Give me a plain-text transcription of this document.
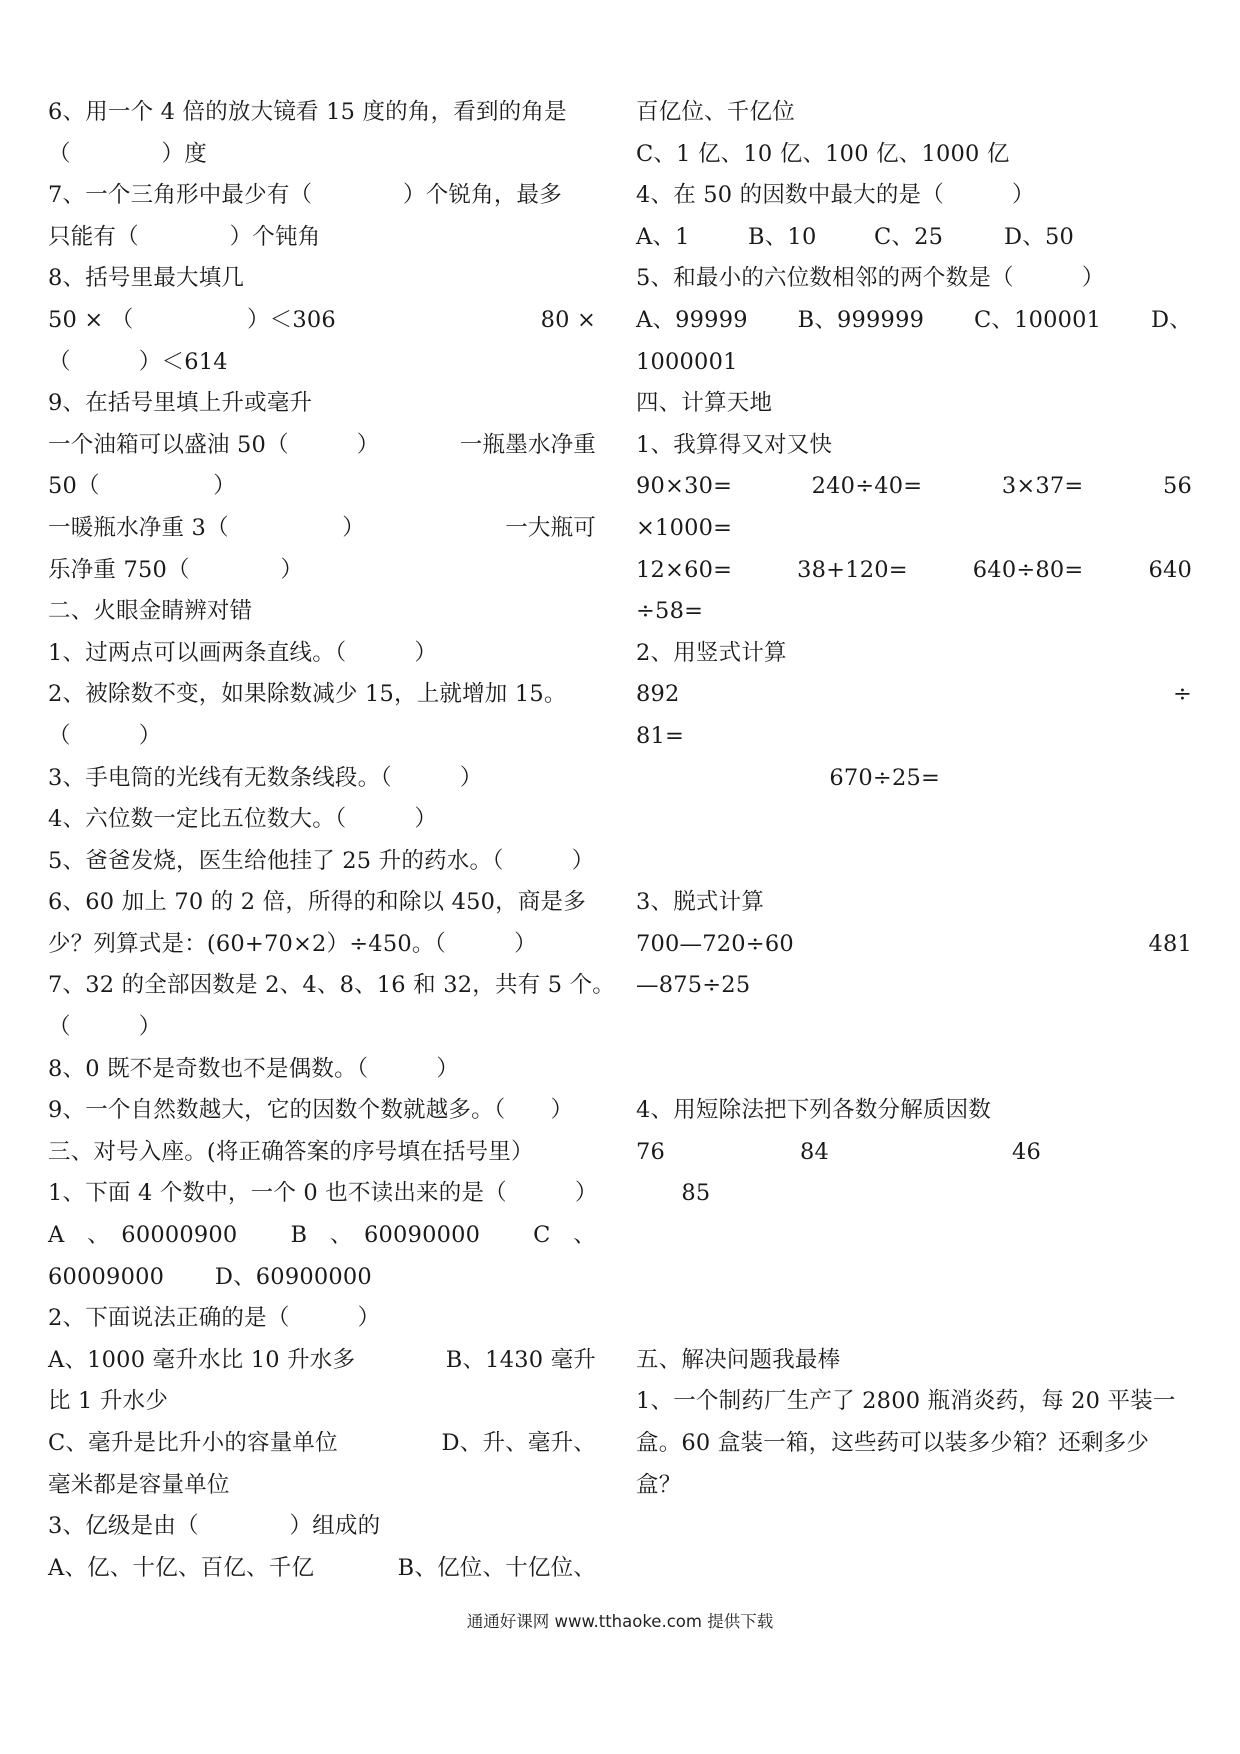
6、用一个 4 倍的放大镜看 15 度的角，看到的角是
（　　　　）度
7、一个三角形中最少有（　　　　）个锐角，最多
只能有（　　　　）个钝角
8、括号里最大填几
50 × （　　　　　）＜306	80 ×
（　　　）＜614
9、在括号里填上升或毫升
一个油箱可以盛油 50（　　　）	一瓶墨水净重
50（　　　　　）
一暖瓶水净重 3（　　　　　）	一大瓶可
乐净重 750（　　　　）
二、火眼金睛辨对错
1、过两点可以画两条直线。（　　　）
2、被除数不变，如果除数减少 15，上就增加 15。
（　　　）
3、手电筒的光线有无数条线段。（　　　）
4、六位数一定比五位数大。（　　　）
5、爸爸发烧，医生给他挂了 25 升的药水。（　　　）
6、60 加上 70 的 2 倍，所得的和除以 450，商是多
少？列算式是：(60+70×2）÷450。（　　　）
7、32 的全部因数是 2、4、8、16 和 32，共有 5 个。
（　　　）
8、0 既不是奇数也不是偶数。（　　　）
9、一个自然数越大，它的因数个数就越多。（　　）
三、对号入座。(将正确答案的序号填在括号里）
1、下面 4 个数中，一个 0 也不读出来的是（　　　）
A　、　60000900 B　、　60090000 C　、
60009000 D、60900000
2、下面说法正确的是（　　　）
A、1000 毫升水比 10 升水多	B、1430 毫升
比 1 升水少
C、毫升是比升小的容量单位	D、升、毫升、
毫米都是容量单位
3、亿级是由（　　　　）组成的
A、亿、十亿、百亿、千亿	B、亿位、十亿位、
百亿位、千亿位
C、1 亿、10 亿、100 亿、1000 亿
4、在 50 的因数中最大的是（　　　）
A、1	B、10	C、25	D、50
5、和最小的六位数相邻的两个数是（　　　）
A、99999 B、999999 C、100001 D、
1000001
四、计算天地
1、我算得又对又快
90×30=	240÷40=	3×37=	56
×1000=
12×60=	38+120=	640÷80=	640
÷58=
2、用竖式计算
892	÷
81=
670÷25=
3、脱式计算
700—720÷60	481
—875÷25
4、用短除法把下列各数分解质因数
76	84	46
85
五、解决问题我最棒
1、一个制药厂生产了 2800 瓶消炎药，每 20 平装一
盒。60 盒装一箱，这些药可以装多少箱？还剩多少
盒？
通通好课网 www.tthaoke.com 提供下载
